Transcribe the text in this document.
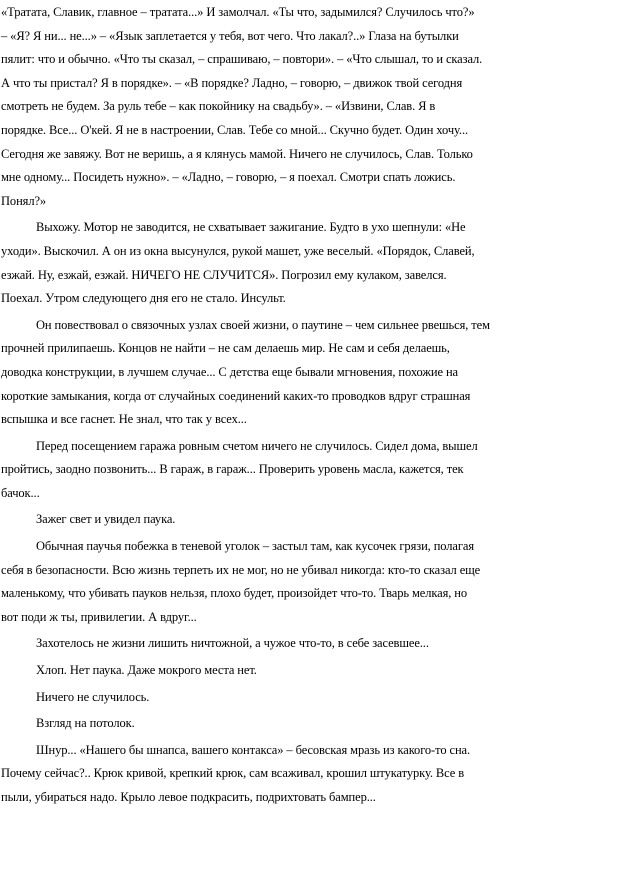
«Тратата, Славик, главное – тратата...» И замолчал. «Ты что, задымился? Случилось что?»
– «Я? Я ни... не...» – «Язык заплетается у тебя, вот чего. Что лакал?..» Глаза на бутылки
пялит: что и обычно. «Что ты сказал, – спрашиваю, – повтори». – «Что слышал, то и сказал.
А что ты пристал? Я в порядке». – «В порядке? Ладно, – говорю, – движок твой сегодня
смотреть не будем. За руль тебе – как покойнику на свадьбу». – «Извини, Слав. Я в
порядке. Все... О'кей. Я не в настроении, Слав. Тебе со мной... Скучно будет. Один хочу...
Сегодня же завяжу. Вот не веришь, а я клянусь мамой. Ничего не случилось, Слав. Только
мне одному... Посидеть нужно». – «Ладно, – говорю, – я поехал. Смотри спать ложись.
Понял?»
Выхожу. Мотор не заводится, не схватывает зажигание. Будто в ухо шепнули: «Не
уходи». Выскочил. А он из окна высунулся, рукой машет, уже веселый. «Порядок, Славей,
езжай. Ну, езжай, езжай. НИЧЕГО НЕ СЛУЧИТСЯ». Погрозил ему кулаком, завелся.
Поехал. Утром следующего дня его не стало. Инсульт.
Он повествовал о связочных узлах своей жизни, о паутине – чем сильнее рвешься, тем
прочней прилипаешь. Концов не найти – не сам делаешь мир. Не сам и себя делаешь,
доводка конструкции, в лучшем случае... С детства еще бывали мгновения, похожие на
короткие замыкания, когда от случайных соединений каких-то проводков вдруг страшная
вспышка и все гаснет. Не знал, что так у всех...
Перед посещением гаража ровным счетом ничего не случилось. Сидел дома, вышел
пройтись, заодно позвонить... В гараж, в гараж... Проверить уровень масла, кажется, тек
бачок...
Зажег свет и увидел паука.
Обычная паучья побежка в теневой уголок – застыл там, как кусочек грязи, полагая
себя в безопасности. Всю жизнь терпеть их не мог, но не убивал никогда: кто-то сказал еще
маленькому, что убивать пауков нельзя, плохо будет, произойдет что-то. Тварь мелкая, но
вот поди ж ты, привилегии. А вдруг...
Захотелось не жизни лишить ничтожной, а чужое что-то, в себе засевшее...
Хлоп. Нет паука. Даже мокрого места нет.
Ничего не случилось.
Взгляд на потолок.
Шнур... «Нашего бы шнапса, вашего контакса» – бесовская мразь из какого-то сна.
Почему сейчас?.. Крюк кривой, крепкий крюк, сам всаживал, крошил штукатурку. Все в
пыли, убираться надо. Крыло левое подкрасить, подрихтовать бампер...
